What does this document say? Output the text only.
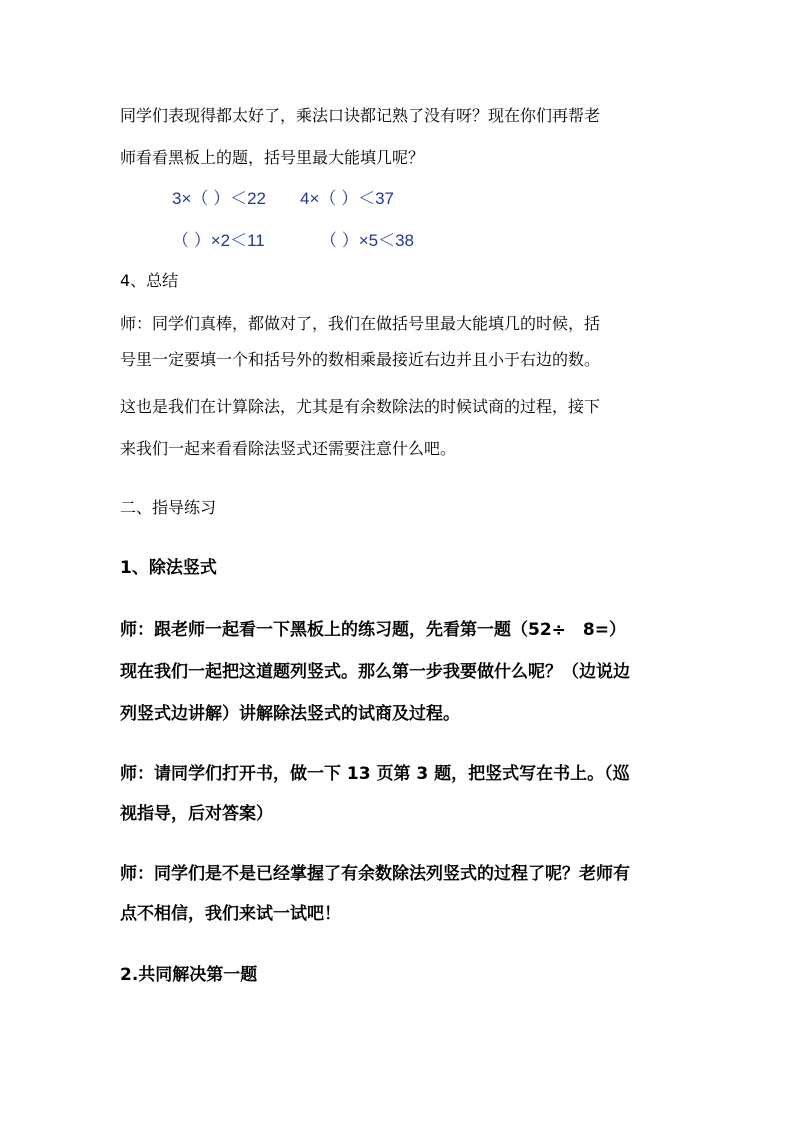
同学们表现得都太好了，乘法口诀都记熟了没有呀？现在你们再帮老
师看看黑板上的题，括号里最大能填几呢？
3×（ ）＜22 4×（ ）＜37
（ ）×2＜11	（ ）×5＜38
4、总结
师：同学们真棒，都做对了，我们在做括号里最大能填几的时候，括
号里一定要填一个和括号外的数相乘最接近右边并且小于右边的数。
这也是我们在计算除法，尤其是有余数除法的时候试商的过程，接下
来我们一起来看看除法竖式还需要注意什么吧。
二、指导练习
1、除法竖式
师：跟老师一起看一下黑板上的练习题，先看第一题（52÷　8=）
现在我们一起把这道题列竖式。那么第一步我要做什么呢？（边说边
列竖式边讲解）讲解除法竖式的试商及过程。
师：请同学们打开书，做一下 13 页第 3 题，把竖式写在书上。（巡
视指导，后对答案）
师：同学们是不是已经掌握了有余数除法列竖式的过程了呢？老师有
点不相信，我们来试一试吧！
2.共同解决第一题
